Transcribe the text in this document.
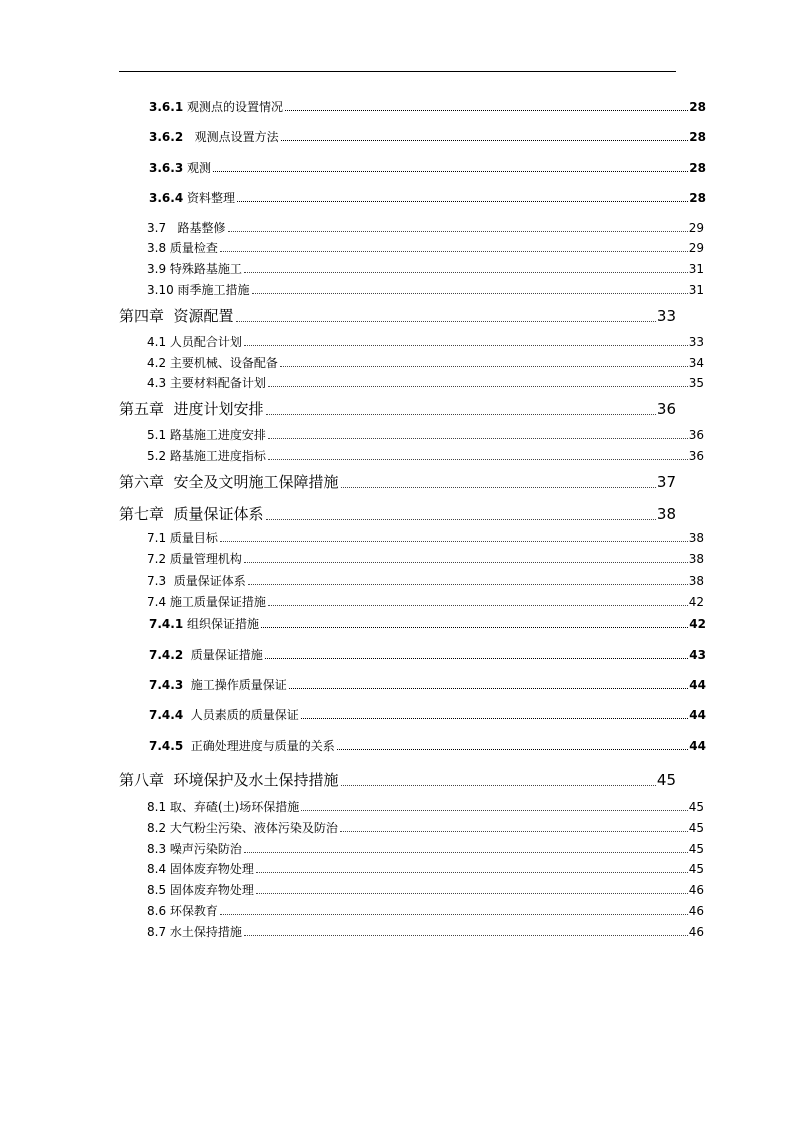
3.6.1 观测点的设置情况	28
3.6.2   观测点设置方法	28
3.6.3 观测	28
3.6.4 资料整理	28
3.7   路基整修	29
3.8 质量检查	29
3.9 特殊路基施工	31
3.10 雨季施工措施	31
第四章  资源配置	33
4.1 人员配合计划	33
4.2 主要机械、设备配备	34
4.3 主要材料配备计划	35
第五章  进度计划安排	36
5.1 路基施工进度安排	36
5.2 路基施工进度指标	36
第六章  安全及文明施工保障措施	37
第七章  质量保证体系	38
7.1 质量目标	38
7.2 质量管理机构	38
7.3  质量保证体系	38
7.4 施工质量保证措施	42
7.4.1 组织保证措施	42
7.4.2  质量保证措施	43
7.4.3  施工操作质量保证	44
7.4.4  人员素质的质量保证	44
7.4.5  正确处理进度与质量的关系	44
第八章  环境保护及水土保持措施	45
8.1 取、弃碴(土)场环保措施	45
8.2 大气粉尘污染、液体污染及防治	45
8.3 噪声污染防治	45
8.4 固体废弃物处理	45
8.5 固体废弃物处理	46
8.6 环保教育	46
8.7 水土保持措施	46
